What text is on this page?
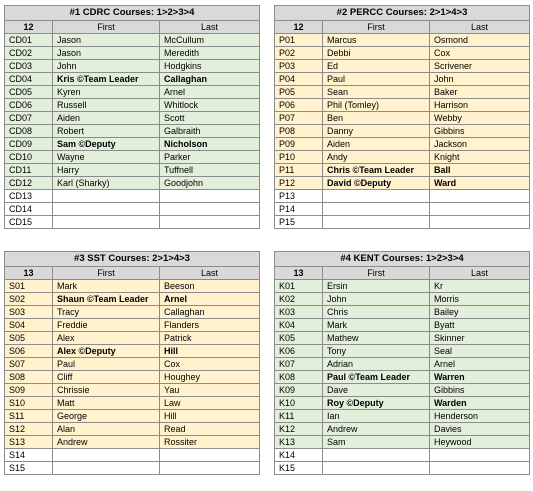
#1 CDRC Courses: 1>2>3>4		
12	First	Last
CD01	Jason	McCullum
CD02	Jason	Meredith
CD03	John	Hodgkins
CD04	Kris ©Team Leader	Callaghan
CD05	Kyren	Arnel
CD06	Russell	Whitlock
CD07	Aiden	Scott
CD08	Robert	Galbraith
CD09	Sam ©Deputy	Nicholson
CD10	Wayne	Parker
CD11	Harry	Tuffnell
CD12	Karl (Sharky)	Goodjohn
CD13		
CD14		
CD15		
#2 PERCC Courses: 2>1>4>3		
12	First	Last
P01	Marcus	Osmond
P02	Debbi	Cox
P03	Ed	Scrivener
P04	Paul	John
P05	Sean	Baker
P06	Phil (Tomley)	Harrison
P07	Ben	Webby
P08	Danny	Gibbins
P09	Aiden	Jackson
P10	Andy	Knight
P11	Chris ©Team Leader	Ball
P12	David ©Deputy	Ward
P13		
P14		
P15		
#3 SST Courses: 2>1>4>3		
13	First	Last
S01	Mark	Beeson
S02	Shaun ©Team Leader	Arnel
S03	Tracy	Callaghan
S04	Freddie	Flanders
S05	Alex	Patrick
S06	Alex ©Deputy	Hill
S07	Paul	Cox
S08	Cliff	Houghey
S09	Chrissie	Yau
S10	Matt	Law
S11	George	Hill
S12	Alan	Read
S13	Andrew	Rossiter
S14		
S15		
#4 KENT Courses: 1>2>3>4		
13	First	Last
K01	Ersin	Kr
K02	John	Morris
K03	Chris	Bailey
K04	Mark	Byatt
K05	Mathew	Skinner
K06	Tony	Seal
K07	Adrian	Arnel
K08	Paul ©Team Leader	Warren
K09	Dave	Gibbins
K10	Roy ©Deputy	Warden
K11	Ian	Henderson
K12	Andrew	Davies
K13	Sam	Heywood
K14		
K15		
